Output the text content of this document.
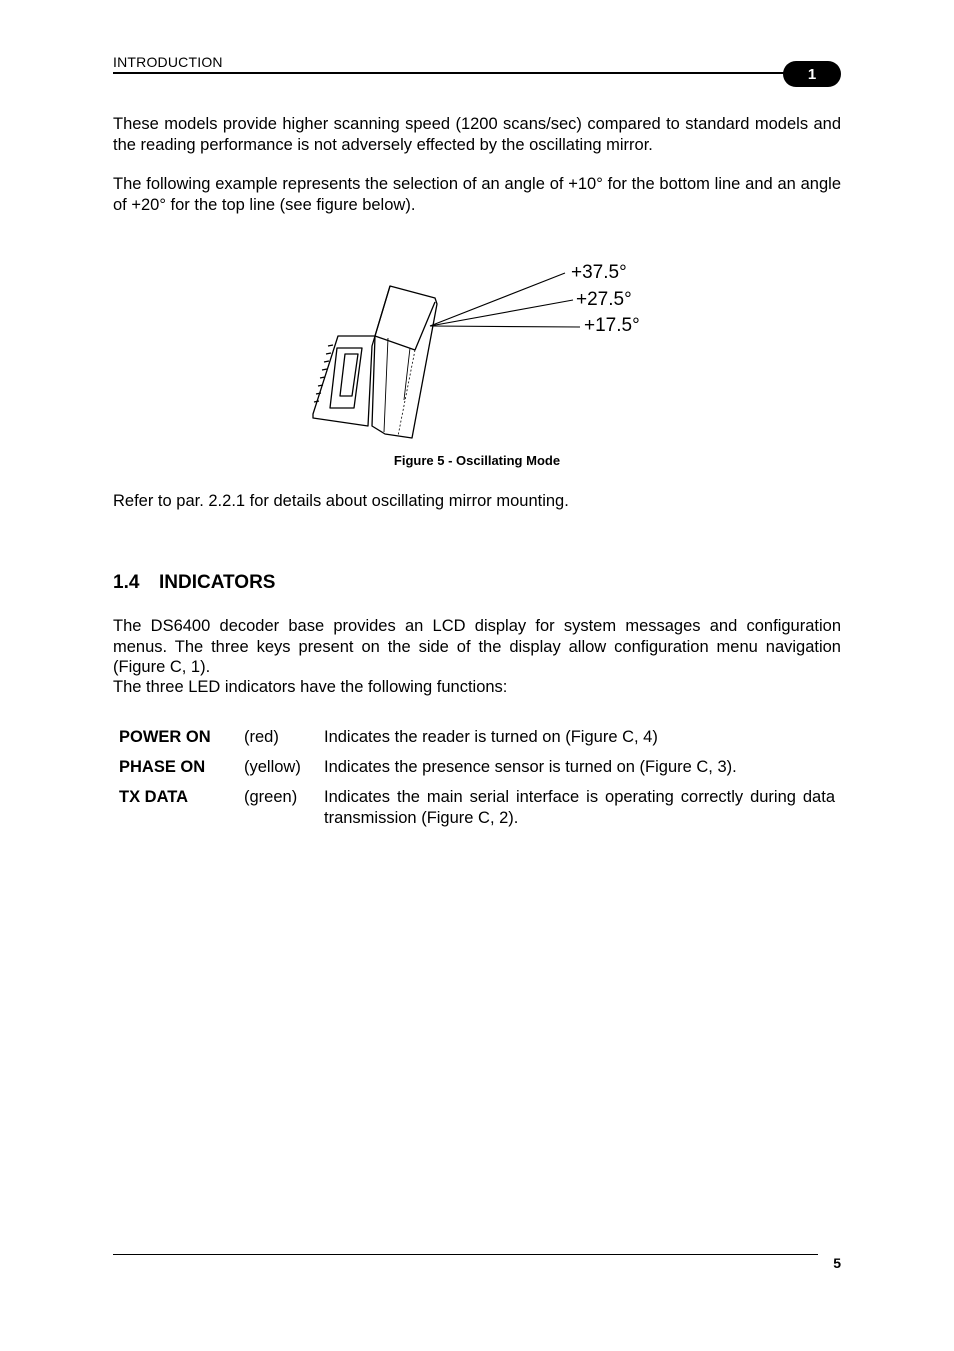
INTRODUCTION
1
These models provide higher scanning speed (1200 scans/sec) compared to standard models and the reading performance is not adversely effected by the oscillating mirror.
The following example represents the selection of an angle of +10° for the bottom line and an angle of +20° for the top line (see figure below).
+37.5°
+27.5°
+17.5°
Figure 5 - Oscillating Mode
Refer to par. 2.2.1 for details about oscillating mirror mounting.
1.4 INDICATORS
The DS6400 decoder base provides an LCD display for system messages and configuration menus. The three keys present on the side of the display allow configuration menu navigation (Figure C, 1).
The three LED indicators have the following functions:
POWER ON (red)	Indicates the reader is turned on (Figure C, 4)
PHASE ON (yellow) Indicates the presence sensor is turned on (Figure C, 3).
TX DATA	(green) Indicates the main serial interface is operating correctly during data transmission (Figure C, 2).
5
